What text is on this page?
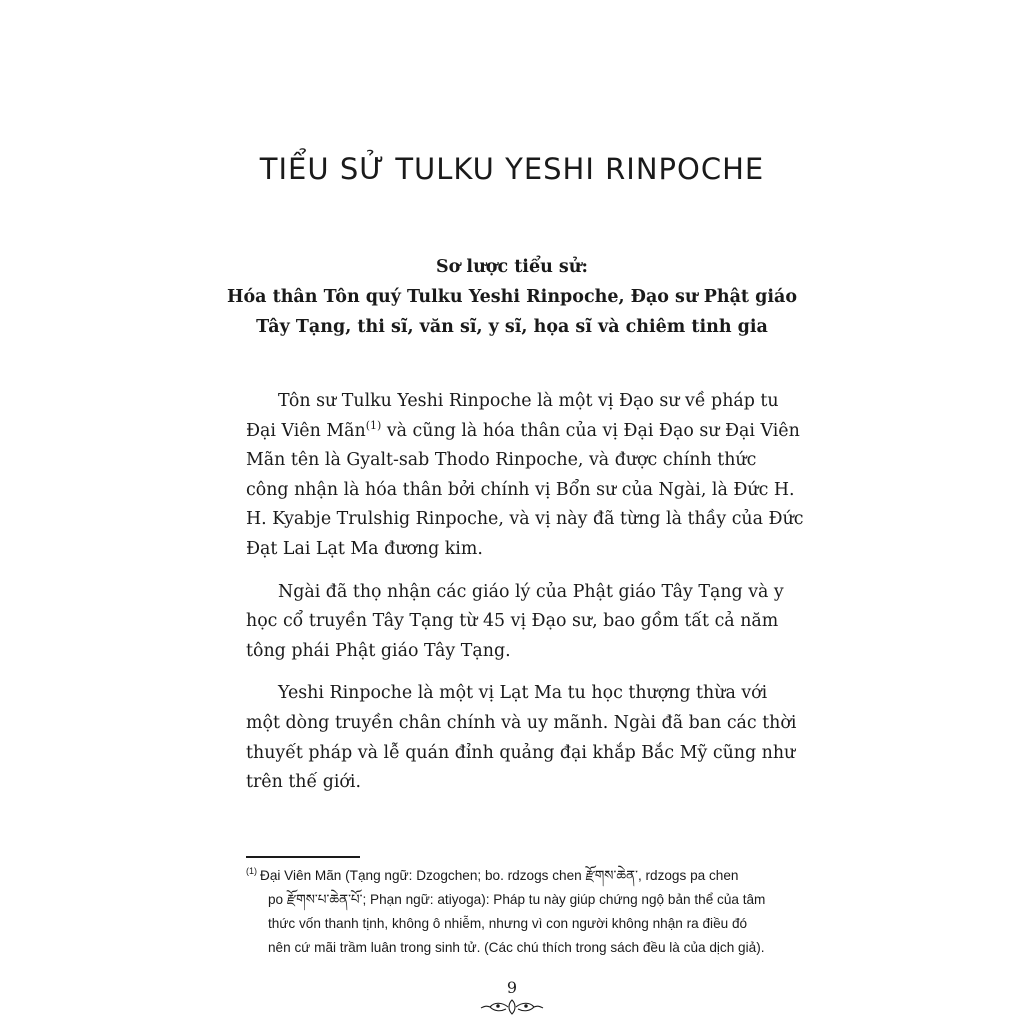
TIỂU SỬ TULKU YESHI RINPOCHE
Sơ lược tiểu sử:
Hóa thân Tôn quý Tulku Yeshi Rinpoche, Đạo sư Phật giáo
Tây Tạng, thi sĩ, văn sĩ, y sĩ, họa sĩ và chiêm tinh gia

Tôn sư Tulku Yeshi Rinpoche là một vị Đạo sư về pháp tu
Đại Viên Mãn$^{(1)}$ và cũng là hóa thân của vị Đại Đạo sư Đại Viên
Mãn tên là Gyalt-sab Thodo Rinpoche, và được chính thức
công nhận là hóa thân bởi chính vị Bổn sư của Ngài, là Đức H.
H. Kyabje Trulshig Rinpoche, và vị này đã từng là thầy của Đức
Đạt Lai Lạt Ma đương kim.

Ngài đã thọ nhận các giáo lý của Phật giáo Tây Tạng và y
học cổ truyền Tây Tạng từ 45 vị Đạo sư, bao gồm tất cả năm
tông phái Phật giáo Tây Tạng.

Yeshi Rinpoche là một vị Lạt Ma tu học thượng thừa với
một dòng truyền chân chính và uy mãnh. Ngài đã ban các thời
thuyết pháp và lễ quán đỉnh quảng đại khắp Bắc Mỹ cũng như
trên thế giới.

$^{(1)}$ Đại Viên Mãn (Tạng ngữ: Dzogchen; bo. rdzogs chen རྫོགས་ཆེན་, rdzogs pa chen
po རྫོགས་པ་ཆེན་པོ་; Phạn ngữ: atiyoga): Pháp tu này giúp chứng ngộ bản thể của tâm
thức vốn thanh tịnh, không ô nhiễm, nhưng vì con người không nhận ra điều đó
nên cứ mãi trầm luân trong sinh tử. (Các chú thích trong sách đều là của dịch giả).
9
